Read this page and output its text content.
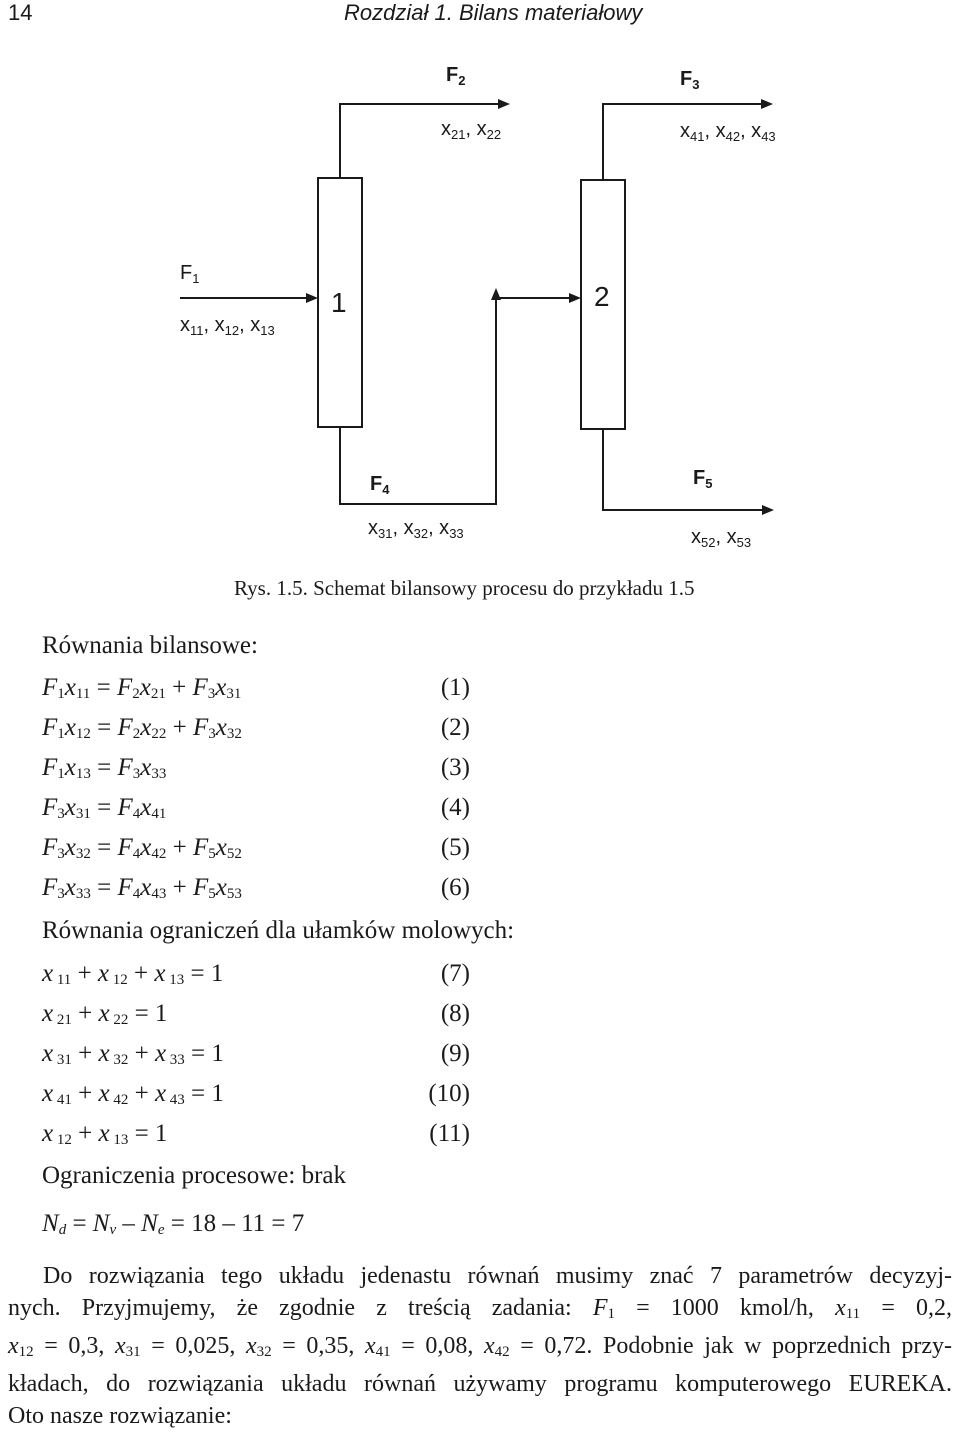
14	Rozdział 1. Bilans materiałowy
1	2
$F_1$
$x_{11}$, $x_{12}$, $x_{13}$
$F_2$
$x_{21}$, $x_{22}$
$F_3$
$x_{41}$, $x_{42}$, $x_{43}$
$F_4$
$x_{31}$, $x_{32}$, $x_{33}$
$F_5$
$x_{52}$, $x_{53}$
Rys. 1.5. Schemat bilansowy procesu do przykładu 1.5
Równania bilansowe:
$F_1x_{11} = F_2x_{21} + F_3x_{31}$	(1)
$F_1x_{12} = F_2x_{22} + F_3x_{32}$	(2)
$F_1x_{13} = F_3x_{33}$	(3)
$F_3x_{31} = F_4x_{41}$	(4)
$F_3x_{32} = F_4x_{42} + F_5x_{52}$	(5)
$F_3x_{33} = F_4x_{43} + F_5x_{53}$	(6)
Równania ograniczeń dla ułamków molowych:
x $_{11}$ + x $_{12}$ + x $_{13}$ = 1	(7)
x $_{21}$ + x $_{22}$ = 1	(8)
x $_{31}$ + x $_{32}$ + x $_{33}$ = 1	(9)
x $_{41}$ + x $_{42}$ + x $_{43}$ = 1	(10)
x $_{12}$ + x $_{13}$ = 1	(11)
Ograniczenia procesowe: brak
$N_d = N_v - N_e = 18 - 11 = 7$
Do rozwiązania tego układu jedenastu równań musimy znać 7 parametrów decyzyj-
nych. Przyjmujemy, że zgodnie z treścią zadania: $F_1 = 1000$ kmol/h, $x_{11} = 0,2$,
$x_{12} = 0,3$, $x_{31} = 0,025$, $x_{32} = 0,35$, $x_{41} = 0,08$, $x_{42} = 0,72$. Podobnie jak w poprzednich przy-
kładach, do rozwiązania układu równań używamy programu komputerowego EUREKA.
Oto nasze rozwiązanie:
